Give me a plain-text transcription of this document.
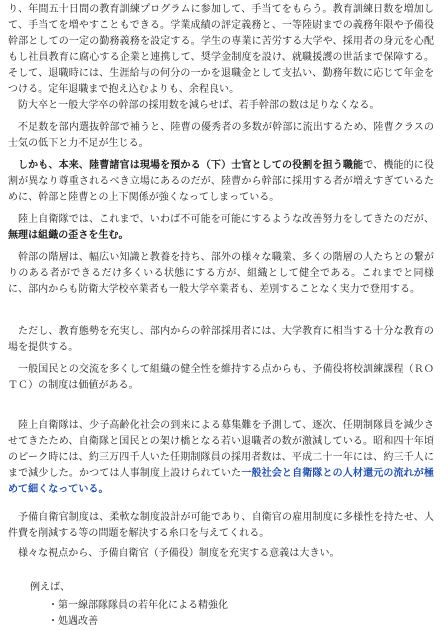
り、年間五十日間の教育訓練プログラムに参加して、手当てをもらう。教育訓練日数を増加して、手当てを増やすこともできる。学業成績の評定義務と、一等陸尉までの義務年限や予備役幹部としての一定の勤務義務を設定する。学生の専業に苦労する大学や、採用者の身元を心配もし社員教育に腐心する企業と連携して、奨学金制度を設け、就職援護の世話まで保障する。そして、退職時には、生涯給与の何分の一かを退職金として支払い、勤務年数に応じて年金をつける。定年退職まで抱え込むよりも、余程良い。

防大卒と一般大学卒の幹部の採用数を減らせば、若手幹部の数は足りなくなる。

不足数を部内選抜幹部で補うと、陸曹の優秀者の多数が幹部に流出するため、陸曹クラスの士気の低下と力不足が生じる。

しかも、本来、陸曹諸官は現場を預かる（下）士官としての役割を担う職能で、機能的に役割が異なり尊重されるべき立場にあるのだが、陸曹から幹部に採用する者が増えすぎているために、幹部と陸曹との上下関係が強くなってしまっている。

陸上自衛隊では、これまで、いわば不可能を可能にするような改善努力をしてきたのだが、無理は組織の歪さを生む。

幹部の階層は、幅広い知識と教養を持ち、部外の様々な職業、多くの階層の人たちとの繋がりのある者ができるだけ多くいる状態にする方が、組織として健全である。これまでと同様に、部内からも防衛大学校卒業者も一般大学卒業者も、差別することなく実力で登用する。

ただし、教育態勢を充実し、部内からの幹部採用者には、大学教育に相当する十分な教育の場を提供する。

一般国民との交流を多くして組織の健全性を維持する点からも、予備役将校訓練課程（ＲＯＴＣ）の制度は価値がある。

陸上自衛隊は、少子高齢化社会の到来による募集難を予測して、逐次、任期制隊員を減少させてきたため、自衛隊と国民との架け橋となる若い退職者の数が激減している。昭和四十年頃のピーク時には、約三万四千人いた任期制隊員の採用者数は、平成二十一年には、約三千人にまで減少した。かつては人事制度上設けられていた一般社会と自衛隊との人材還元の流れが極めて細くなっている。

予備自衛官制度は、柔軟な制度設計が可能であり、自衛官の雇用制度に多様性を持たせ、人件費を削減する等の問題を解決する糸口を与えてくれる。

様々な視点から、予備自衛官（予備役）制度を充実する意義は大きい。

例えば、

・第一線部隊隊員の若年化による精強化

・処遇改善
